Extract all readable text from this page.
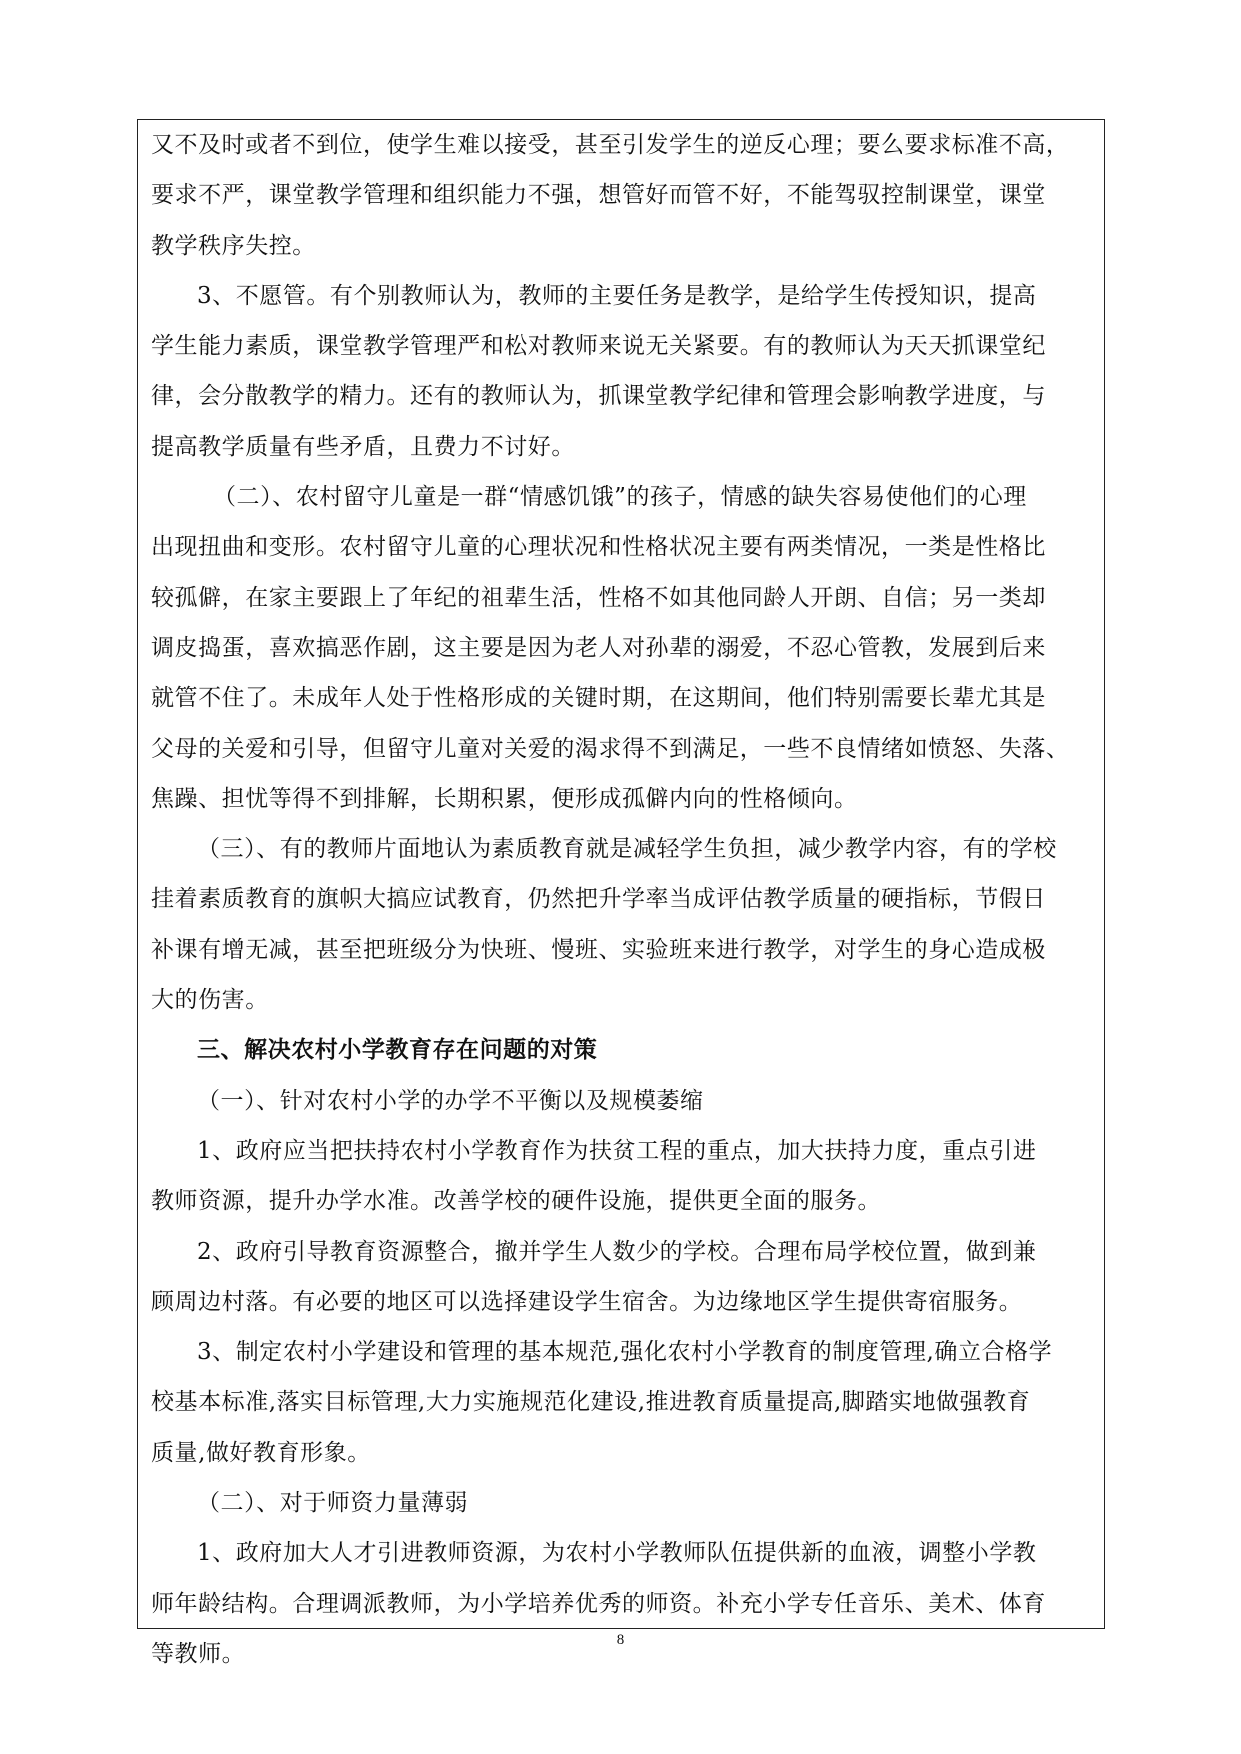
又不及时或者不到位，使学生难以接受，甚至引发学生的逆反心理；要么要求标准不高，
要求不严，课堂教学管理和组织能力不强，想管好而管不好，不能驾驭控制课堂，课堂
教学秩序失控。
3、不愿管。有个别教师认为，教师的主要任务是教学，是给学生传授知识，提高
学生能力素质，课堂教学管理严和松对教师来说无关紧要。有的教师认为天天抓课堂纪
律，会分散教学的精力。还有的教师认为，抓课堂教学纪律和管理会影响教学进度，与
提高教学质量有些矛盾，且费力不讨好。
（二）、农村留守儿童是一群“情感饥饿”的孩子，情感的缺失容易使他们的心理
出现扭曲和变形。农村留守儿童的心理状况和性格状况主要有两类情况，一类是性格比
较孤僻，在家主要跟上了年纪的祖辈生活，性格不如其他同龄人开朗、自信；另一类却
调皮捣蛋，喜欢搞恶作剧，这主要是因为老人对孙辈的溺爱，不忍心管教，发展到后来
就管不住了。未成年人处于性格形成的关键时期，在这期间，他们特别需要长辈尤其是
父母的关爱和引导，但留守儿童对关爱的渴求得不到满足，一些不良情绪如愤怒、失落、
焦躁、担忧等得不到排解，长期积累，便形成孤僻内向的性格倾向。
（三）、有的教师片面地认为素质教育就是减轻学生负担，减少教学内容，有的学校
挂着素质教育的旗帜大搞应试教育，仍然把升学率当成评估教学质量的硬指标，节假日
补课有增无减，甚至把班级分为快班、慢班、实验班来进行教学，对学生的身心造成极
大的伤害。
三、解决农村小学教育存在问题的对策
（一）、针对农村小学的办学不平衡以及规模萎缩
1、政府应当把扶持农村小学教育作为扶贫工程的重点，加大扶持力度，重点引进
教师资源，提升办学水准。改善学校的硬件设施，提供更全面的服务。
2、政府引导教育资源整合，撤并学生人数少的学校。合理布局学校位置，做到兼
顾周边村落。有必要的地区可以选择建设学生宿舍。为边缘地区学生提供寄宿服务。
3、制定农村小学建设和管理的基本规范,强化农村小学教育的制度管理,确立合格学
校基本标准,落实目标管理,大力实施规范化建设,推进教育质量提高,脚踏实地做强教育
质量,做好教育形象。
（二）、对于师资力量薄弱
1、政府加大人才引进教师资源，为农村小学教师队伍提供新的血液，调整小学教
师年龄结构。合理调派教师，为小学培养优秀的师资。补充小学专任音乐、美术、体育
等教师。
8
